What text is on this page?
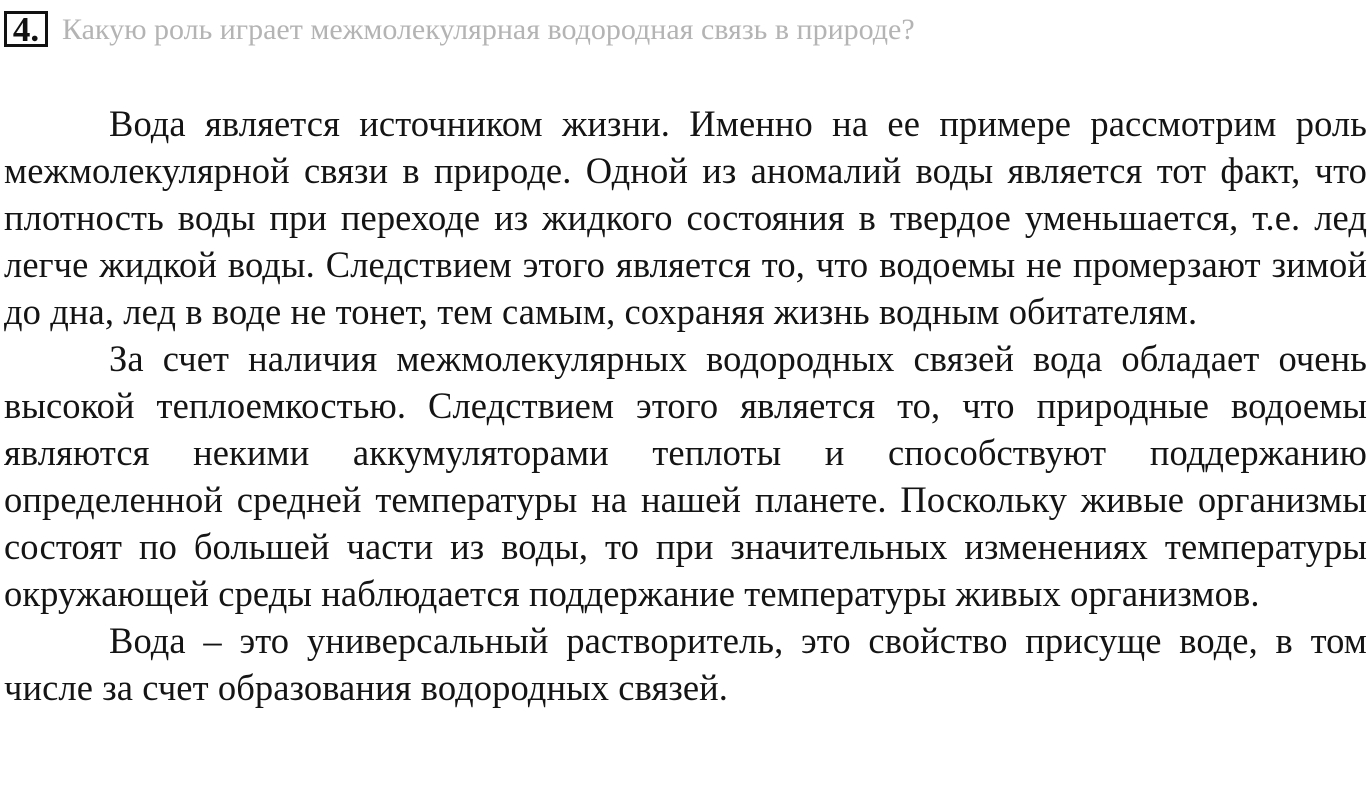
4. Какую роль играет межмолекулярная водородная связь в природе?

Вода является источником жизни. Именно на ее примере рассмотрим роль межмолекулярной связи в природе. Одной из аномалий воды является тот факт, что плотность воды при переходе из жидкого состояния в твердое уменьшается, т.е. лед легче жидкой воды. Следствием этого является то, что водоемы не промерзают зимой до дна, лед в воде не тонет, тем самым, сохраняя жизнь водным обитателям.

За счет наличия межмолекулярных водородных связей вода обладает очень высокой теплоемкостью. Следствием этого является то, что природные водоемы являются некими аккумуляторами теплоты и способствуют поддержанию определенной средней температуры на нашей планете. Поскольку живые организмы состоят по большей части из воды, то при значительных изменениях температуры окружающей среды наблюдается поддержание температуры живых организмов.

Вода – это универсальный растворитель, это свойство присуще воде, в том числе за счет образования водородных связей.
